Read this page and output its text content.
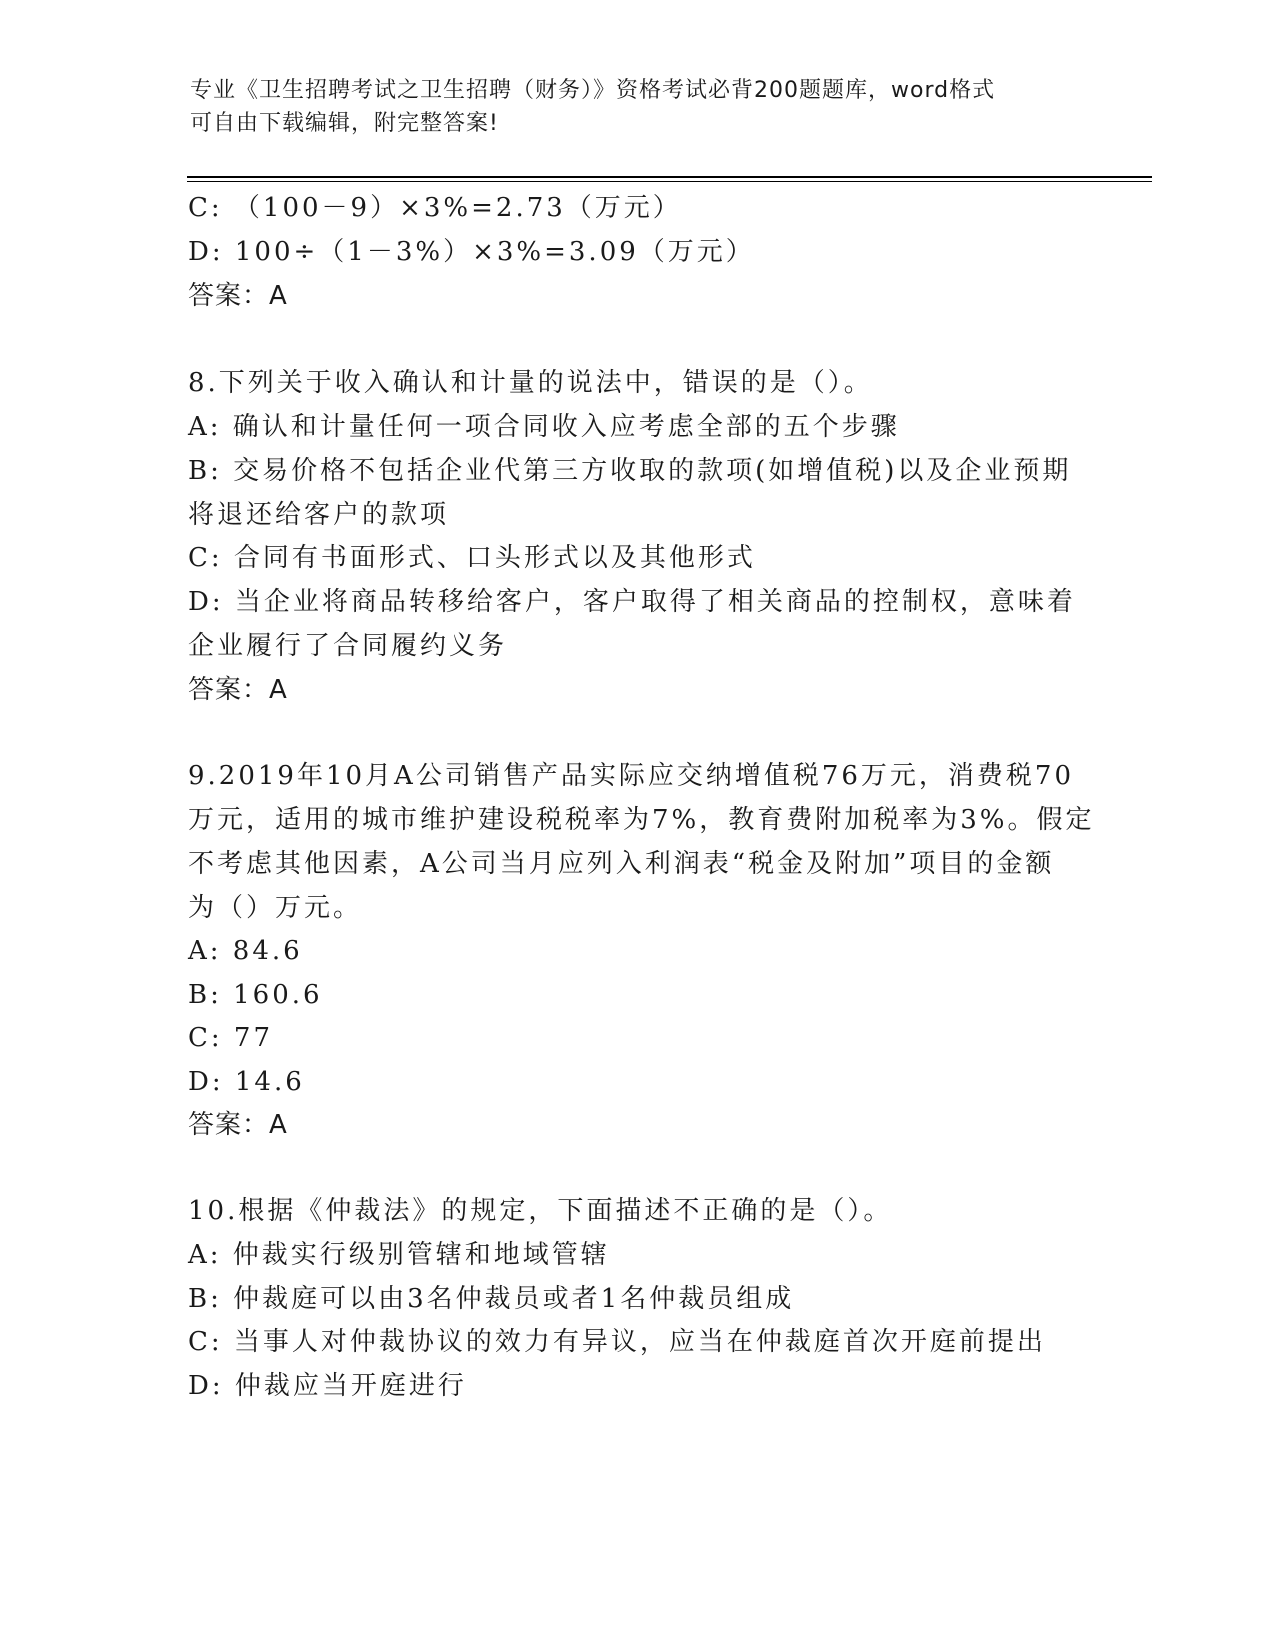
专业《卫生招聘考试之卫生招聘（财务）》资格考试必背200题题库，word格式
可自由下载编辑，附完整答案!
C: （100－9）×3%=2.73（万元）
D: 100÷（1－3%）×3%=3.09（万元）
答案：A
8.下列关于收入确认和计量的说法中，错误的是（）。
A: 确认和计量任何一项合同收入应考虑全部的五个步骤
B: 交易价格不包括企业代第三方收取的款项(如增值税)以及企业预期
将退还给客户的款项
C: 合同有书面形式、口头形式以及其他形式
D: 当企业将商品转移给客户，客户取得了相关商品的控制权，意味着
企业履行了合同履约义务
答案：A
9.2019年10月A公司销售产品实际应交纳增值税76万元，消费税70
万元，适用的城市维护建设税税率为7%，教育费附加税率为3%。假定
不考虑其他因素，A公司当月应列入利润表“税金及附加”项目的金额
为（）万元。
A: 84.6
B: 160.6
C: 77
D: 14.6
答案：A
10.根据《仲裁法》的规定，下面描述不正确的是（）。
A: 仲裁实行级别管辖和地域管辖
B: 仲裁庭可以由3名仲裁员或者1名仲裁员组成
C: 当事人对仲裁协议的效力有异议，应当在仲裁庭首次开庭前提出
D: 仲裁应当开庭进行
